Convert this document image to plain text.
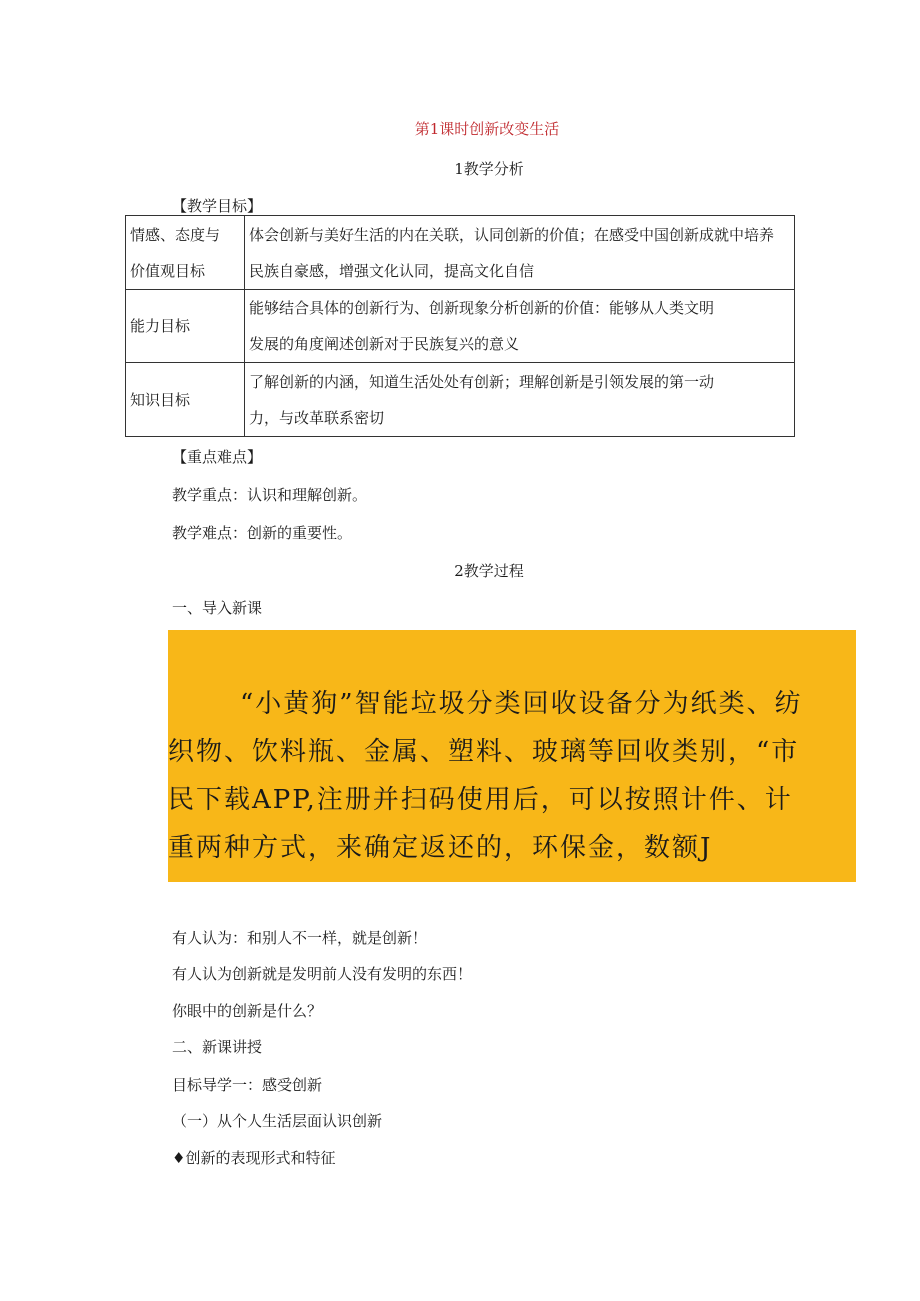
第1课时创新改变生活
1教学分析
【教学目标】
情感、态度与
价值观目标	体会创新与美好生活的内在关联，认同创新的价值；在感受中国创新成就中培养
民族自豪感，增强文化认同，提高文化自信

能力目标	能够结合具体的创新行为、创新现象分析创新的价值：能够从人类文明
发展的角度阐述创新对于民族复兴的意义

知识目标	了解创新的内涵，知道生活处处有创新；理解创新是引领发展的第一动
力，与改革联系密切
【重点难点】
教学重点：认识和理解创新。
教学难点：创新的重要性。
2教学过程
一、导入新课
“小黄狗”智能垃圾分类回收设备分为纸类、纺
织物、饮料瓶、金属、塑料、玻璃等回收类别，“市
民下载APP,注册并扫码使用后，可以按照计件、计
重两种方式，来确定返还的，环保金，数额J
有人认为：和别人不一样，就是创新！
有人认为创新就是发明前人没有发明的东西！
你眼中的创新是什么？
二、新课讲授
目标导学一：感受创新
（一）从个人生活层面认识创新
♦创新的表现形式和特征
